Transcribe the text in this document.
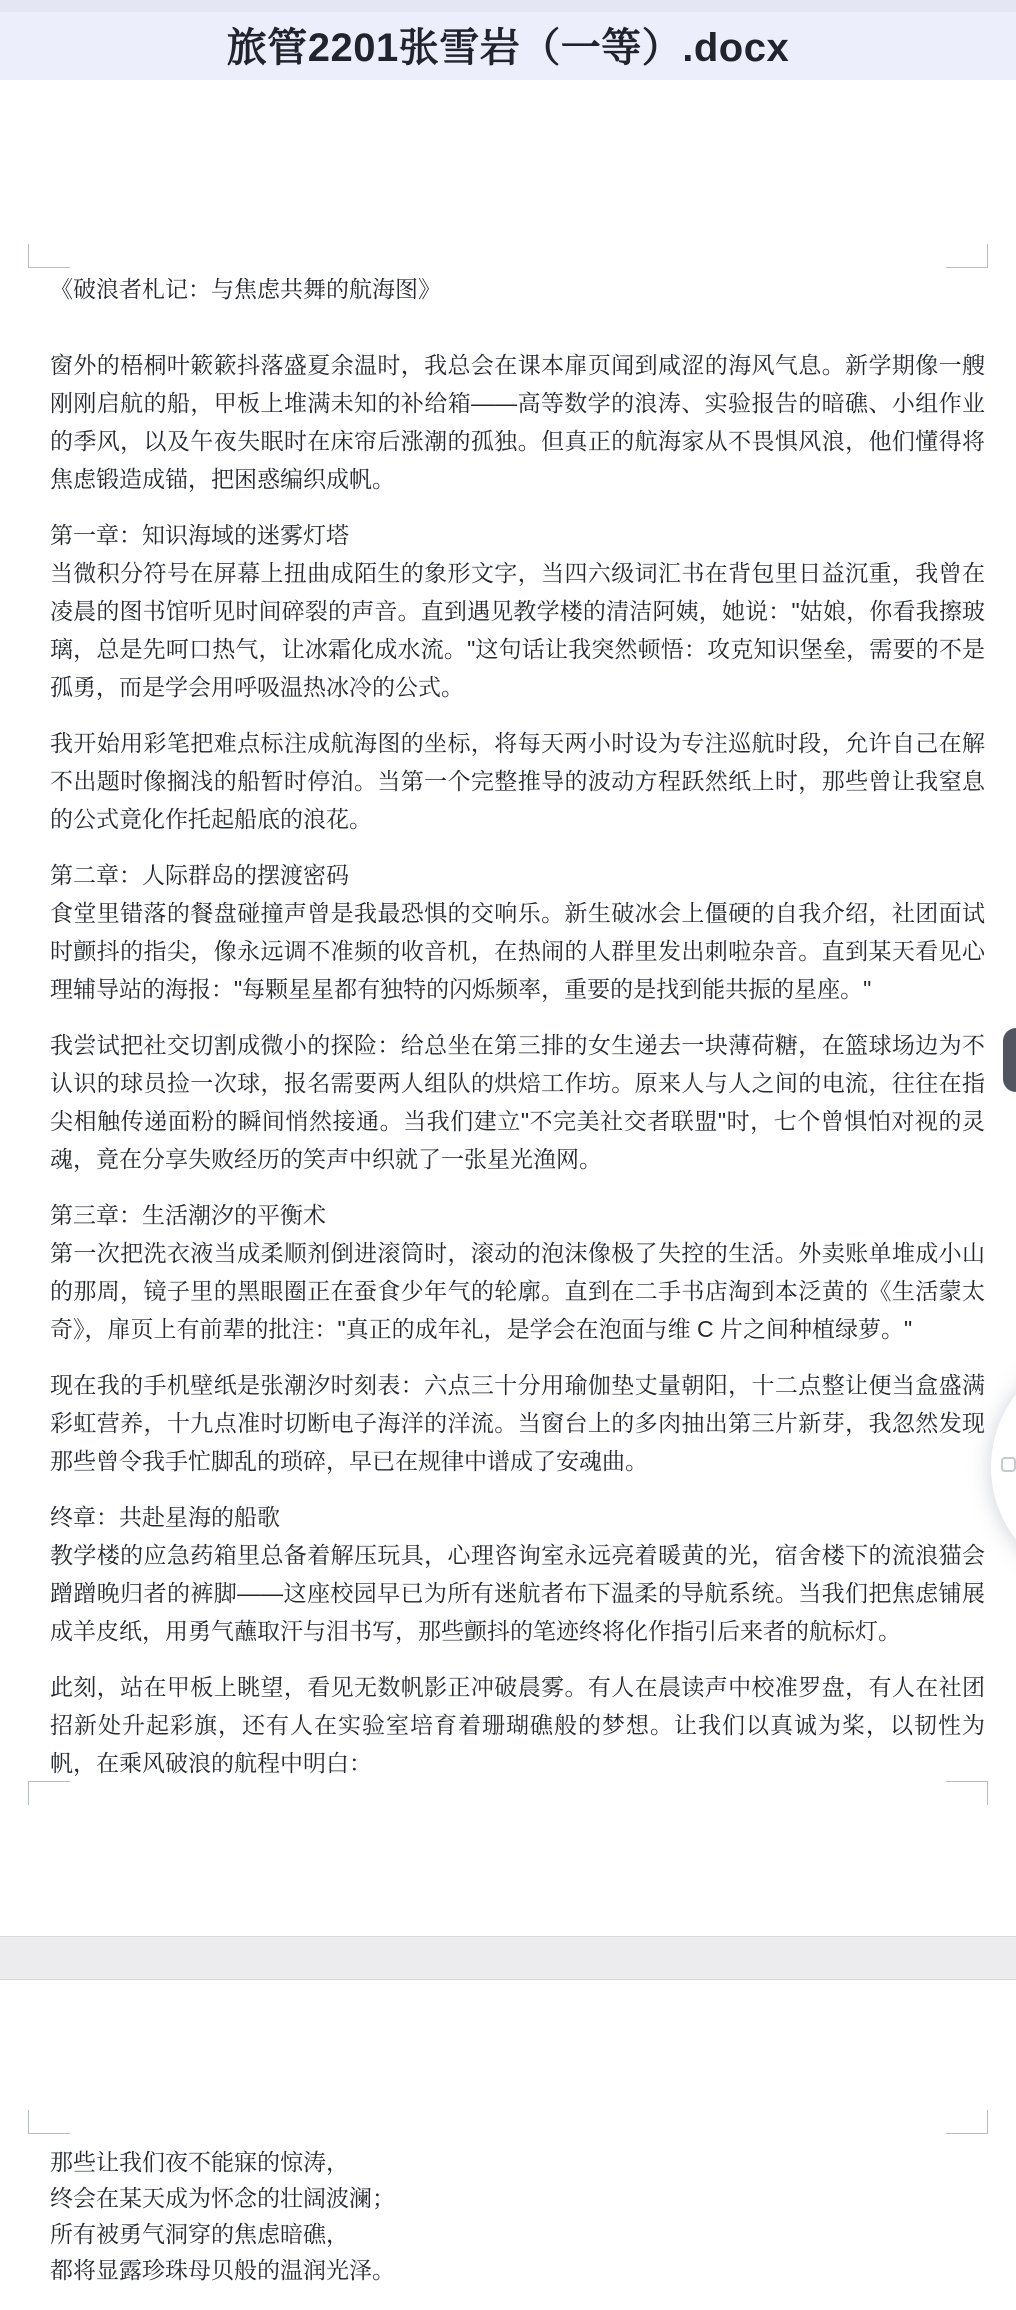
旅管2201张雪岩（一等）.docx
《破浪者札记：与焦虑共舞的航海图》

窗外的梧桐叶簌簌抖落盛夏余温时，我总会在课本扉页闻到咸涩的海风气息。新学期像一艘刚刚启航的船，甲板上堆满未知的补给箱——高等数学的浪涛、实验报告的暗礁、小组作业的季风，以及午夜失眠时在床帘后涨潮的孤独。但真正的航海家从不畏惧风浪，他们懂得将焦虑锻造成锚，把困惑编织成帆。

第一章：知识海域的迷雾灯塔

当微积分符号在屏幕上扭曲成陌生的象形文字，当四六级词汇书在背包里日益沉重，我曾在凌晨的图书馆听见时间碎裂的声音。直到遇见教学楼的清洁阿姨，她说："姑娘，你看我擦玻璃，总是先呵口热气，让冰霜化成水流。"这句话让我突然顿悟：攻克知识堡垒，需要的不是孤勇，而是学会用呼吸温热冰冷的公式。

我开始用彩笔把难点标注成航海图的坐标，将每天两小时设为专注巡航时段，允许自己在解不出题时像搁浅的船暂时停泊。当第一个完整推导的波动方程跃然纸上时，那些曾让我窒息的公式竟化作托起船底的浪花。

第二章：人际群岛的摆渡密码

食堂里错落的餐盘碰撞声曾是我最恐惧的交响乐。新生破冰会上僵硬的自我介绍，社团面试时颤抖的指尖，像永远调不准频的收音机，在热闹的人群里发出刺啦杂音。直到某天看见心理辅导站的海报："每颗星星都有独特的闪烁频率，重要的是找到能共振的星座。"

我尝试把社交切割成微小的探险：给总坐在第三排的女生递去一块薄荷糖，在篮球场边为不认识的球员捡一次球，报名需要两人组队的烘焙工作坊。原来人与人之间的电流，往往在指尖相触传递面粉的瞬间悄然接通。当我们建立"不完美社交者联盟"时，七个曾惧怕对视的灵魂，竟在分享失败经历的笑声中织就了一张星光渔网。

第三章：生活潮汐的平衡术

第一次把洗衣液当成柔顺剂倒进滚筒时，滚动的泡沫像极了失控的生活。外卖账单堆成小山的那周，镜子里的黑眼圈正在蚕食少年气的轮廓。直到在二手书店淘到本泛黄的《生活蒙太奇》，扉页上有前辈的批注："真正的成年礼，是学会在泡面与维 C 片之间种植绿萝。"

现在我的手机壁纸是张潮汐时刻表：六点三十分用瑜伽垫丈量朝阳，十二点整让便当盒盛满彩虹营养，十九点准时切断电子海洋的洋流。当窗台上的多肉抽出第三片新芽，我忽然发现那些曾令我手忙脚乱的琐碎，早已在规律中谱成了安魂曲。

终章：共赴星海的船歌

教学楼的应急药箱里总备着解压玩具，心理咨询室永远亮着暖黄的光，宿舍楼下的流浪猫会蹭蹭晚归者的裤脚——这座校园早已为所有迷航者布下温柔的导航系统。当我们把焦虑铺展成羊皮纸，用勇气蘸取汗与泪书写，那些颤抖的笔迹终将化作指引后来者的航标灯。

此刻，站在甲板上眺望，看见无数帆影正冲破晨雾。有人在晨读声中校准罗盘，有人在社团招新处升起彩旗，还有人在实验室培育着珊瑚礁般的梦想。让我们以真诚为桨，以韧性为帆，在乘风破浪的航程中明白：

那些让我们夜不能寐的惊涛，
终会在某天成为怀念的壮阔波澜；
所有被勇气洞穿的焦虑暗礁，
都将显露珍珠母贝般的温润光泽。
